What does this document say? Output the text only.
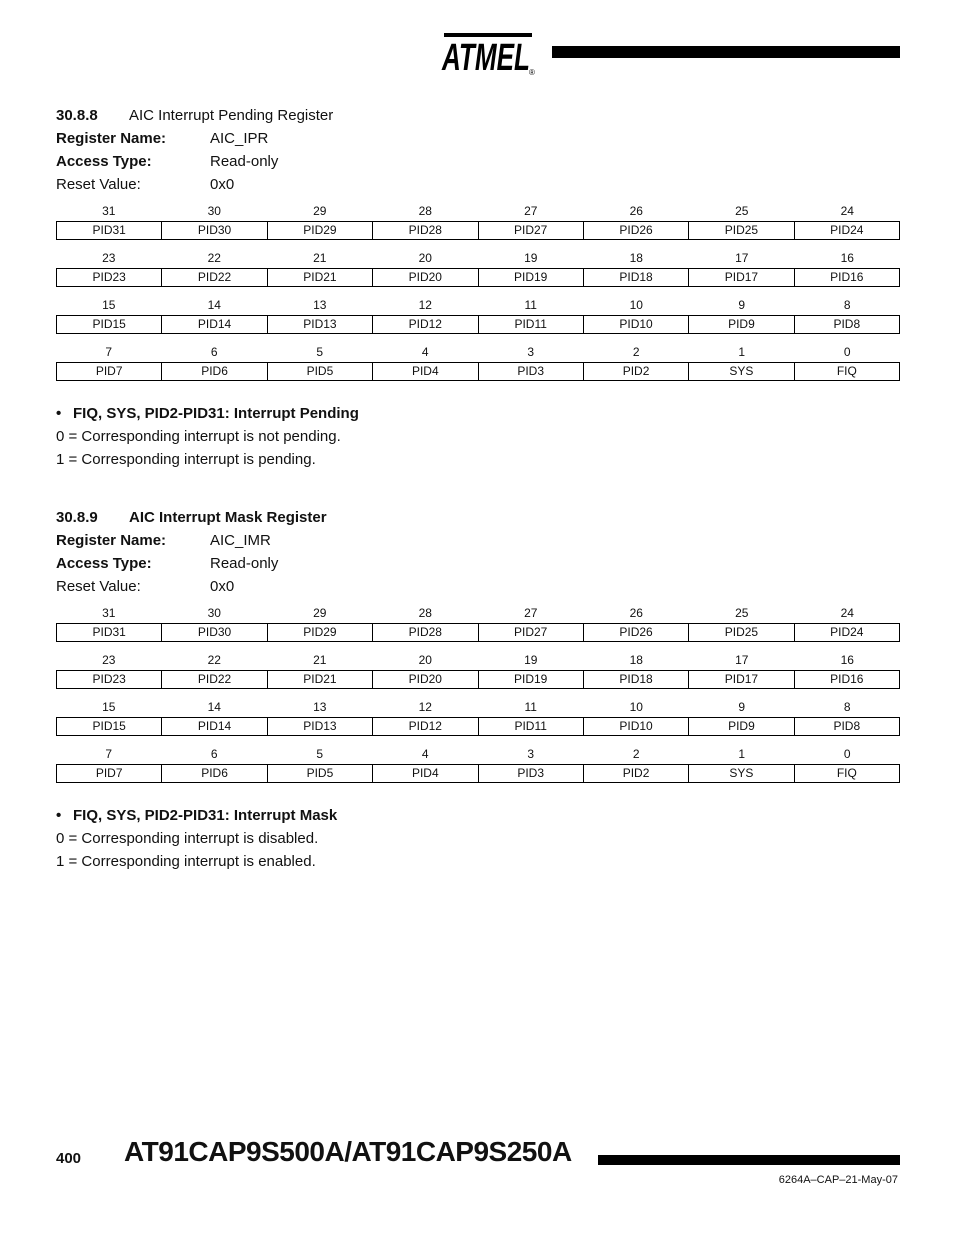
ATMEL ®
30.8.8 AIC Interrupt Pending Register
Register Name:	AIC_IPR
Access Type:	Read-only
Reset Value:	0x0
31	30	29	28	27	26	25	24
PID31	PID30	PID29	PID28	PID27	PID26	PID25	PID24
23	22	21	20	19	18	17	16
PID23	PID22	PID21	PID20	PID19	PID18	PID17	PID16
15	14	13	12	11	10	9	8
PID15	PID14	PID13	PID12	PID11	PID10	PID9	PID8
7	6	5	4	3	2	1	0
PID7	PID6	PID5	PID4	PID3	PID2	SYS	FIQ
• FIQ, SYS, PID2-PID31: Interrupt Pending
0 = Corresponding interrupt is not pending.
1 = Corresponding interrupt is pending.
30.8.9 AIC Interrupt Mask Register
Register Name:	AIC_IMR
Access Type:	Read-only
Reset Value:	0x0
31	30	29	28	27	26	25	24
PID31	PID30	PID29	PID28	PID27	PID26	PID25	PID24
23	22	21	20	19	18	17	16
PID23	PID22	PID21	PID20	PID19	PID18	PID17	PID16
15	14	13	12	11	10	9	8
PID15	PID14	PID13	PID12	PID11	PID10	PID9	PID8
7	6	5	4	3	2	1	0
PID7	PID6	PID5	PID4	PID3	PID2	SYS	FIQ
• FIQ, SYS, PID2-PID31: Interrupt Mask
0 = Corresponding interrupt is disabled.
1 = Corresponding interrupt is enabled.
400 AT91CAP9S500A/AT91CAP9S250A
6264A–CAP–21-May-07
